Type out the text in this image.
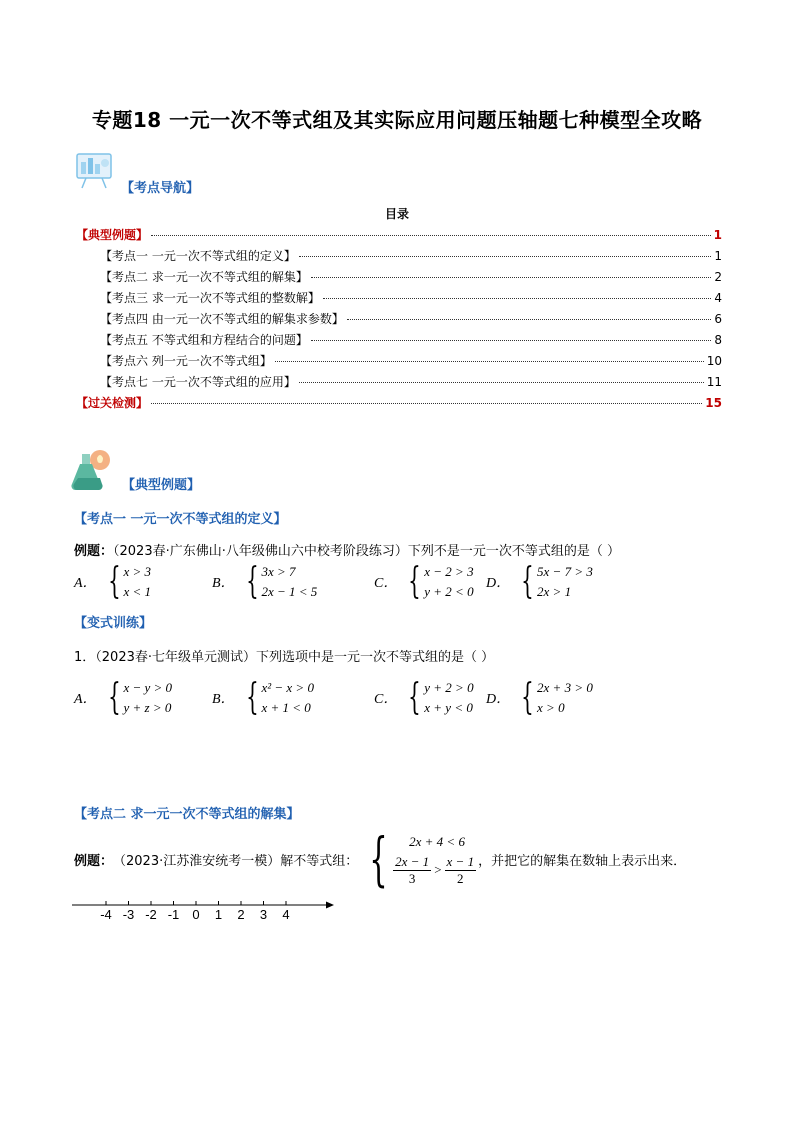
专题18 一元一次不等式组及其实际应用问题压轴题七种模型全攻略
【考点导航】
目录
【典型例题】	1
【考点一 一元一次不等式组的定义】	1
【考点二 求一元一次不等式组的解集】	2
【考点三 求一元一次不等式组的整数解】	4
【考点四 由一元一次不等式组的解集求参数】	6
【考点五 不等式组和方程结合的问题】	8
【考点六 列一元一次不等式组】	10
【考点七 一元一次不等式组的应用】	11
【过关检测】	15
【典型例题】
【考点一 一元一次不等式组的定义】
例题：（2023春·广东佛山·八年级佛山六中校考阶段练习）下列不是一元一次不等式组的是（ ）
A． { x > 3
x < 1
B． { 3x > 7
2x − 1 < 5
C． { x − 2 > 3
y + 2 < 0
D． { 5x − 7 > 3
2x > 1
【变式训练】
1．（2023春·七年级单元测试）下列选项中是一元一次不等式组的是（ ）
A． { x − y > 0
y + z > 0
B． { x² − x > 0
x + 1 < 0
C． { y + 2 > 0
x + y < 0
D． { 2x + 3 > 0
x > 0
【考点二 求一元一次不等式组的解集】
例题： （2023·江苏淮安统考一模）解不等式组： { 2x + 4 < 6
$\frac{2x - 1}{3} > \frac{x - 1}{2}$ ，并把它的解集在数轴上表示出来．
-4 -3 -2 -1	0	1	2	3	4
